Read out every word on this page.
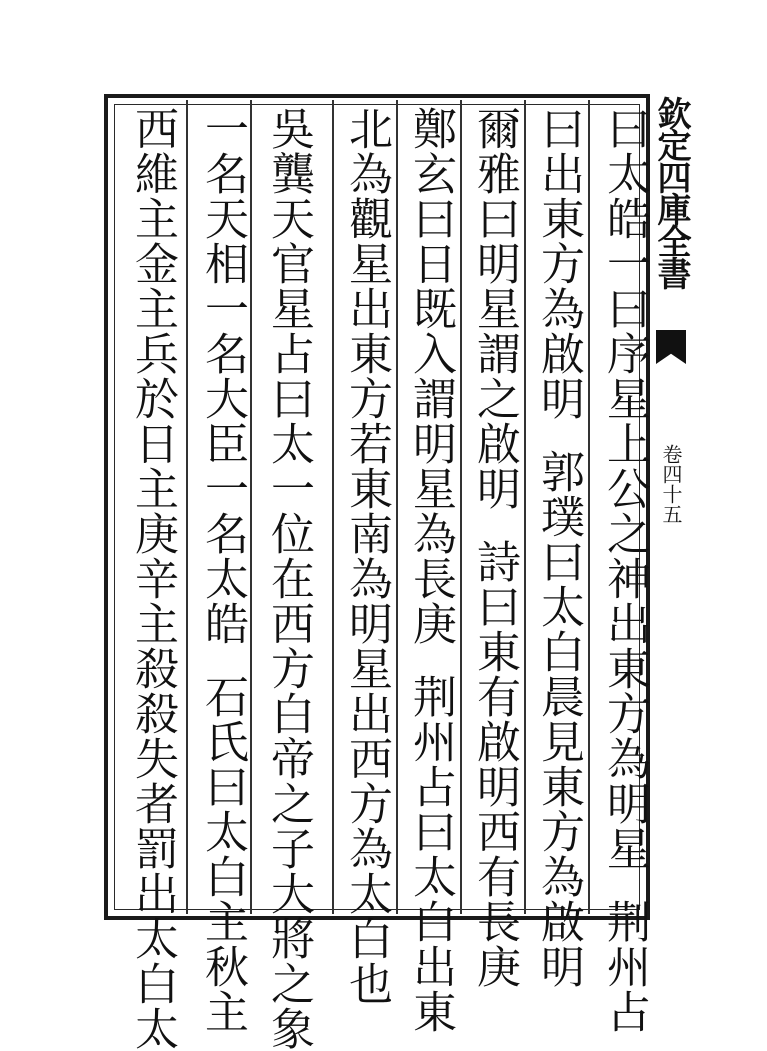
曰太皓一曰序星上公之神出東方為明星荆州占
曰出東方為啟明郭璞曰太白晨見東方為啟明
爾雅曰明星謂之啟明詩曰東有啟明西有長庚
鄭玄曰日既入謂明星為長庚荆州占曰太白出東
北為觀星出東方若東南為明星出西方為太白也
吳龔天官星占曰太一位在西方白帝之子大將之象
一名天相一名大臣一名太皓石氏曰太白主秋主
西維主金主兵於日主庚辛主殺殺失者罰出太白太	欽定四庫全書
卷四十五
